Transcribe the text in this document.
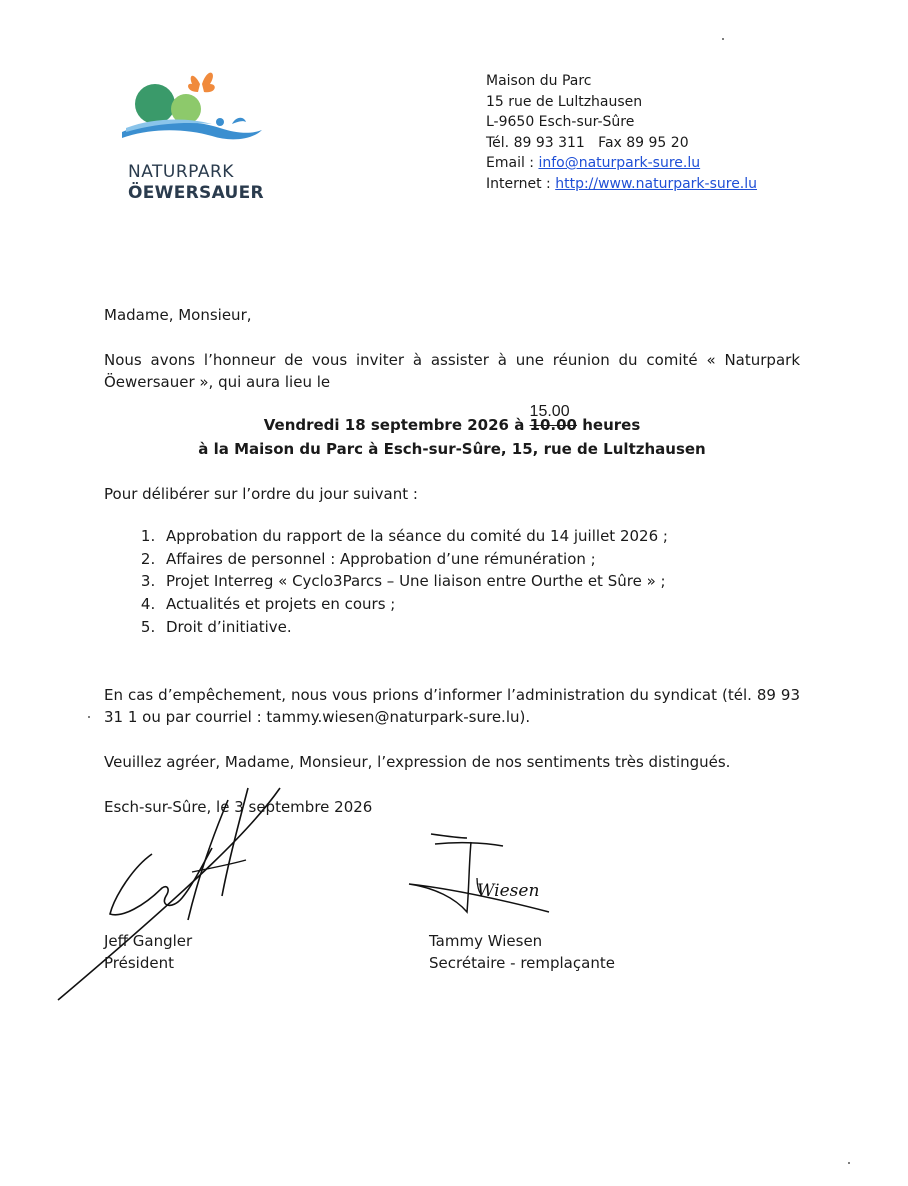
NATURPARK
ÖEWERSAUER
Maison du Parc
15 rue de Lultzhausen
L-9650 Esch-sur-Sûre
Tél. 89 93 311   Fax 89 95 20
Email : info@naturpark-sure.lu
Internet : http://www.naturpark-sure.lu
Madame, Monsieur,
Nous avons l’honneur de vous inviter à assister à une réunion du comité « Naturpark Öewersauer », qui aura lieu le
Vendredi 18 septembre 2026 à
15.00
10.00 heures
à la Maison du Parc à Esch-sur-Sûre, 15, rue de Lultzhausen
Pour délibérer sur l’ordre du jour suivant :
1. Approbation du rapport de la séance du comité du 14 juillet 2026 ;
2. Affaires de personnel : Approbation d’une rémunération ;
3. Projet Interreg « Cyclo3Parcs – Une liaison entre Ourthe et Sûre » ;
4. Actualités et projets en cours ;
5. Droit d’initiative.
En cas d’empêchement, nous vous prions d’informer l’administration du syndicat (tél. 89 93 31 1 ou par courriel : tammy.wiesen@naturpark-sure.lu).
Veuillez agréer, Madame, Monsieur, l’expression de nos sentiments très distingués.
Esch-sur-Sûre, le 3 septembre 2026
Wiesen
Jeff Gangler
Président
Tammy Wiesen
Secrétaire - remplaçante
